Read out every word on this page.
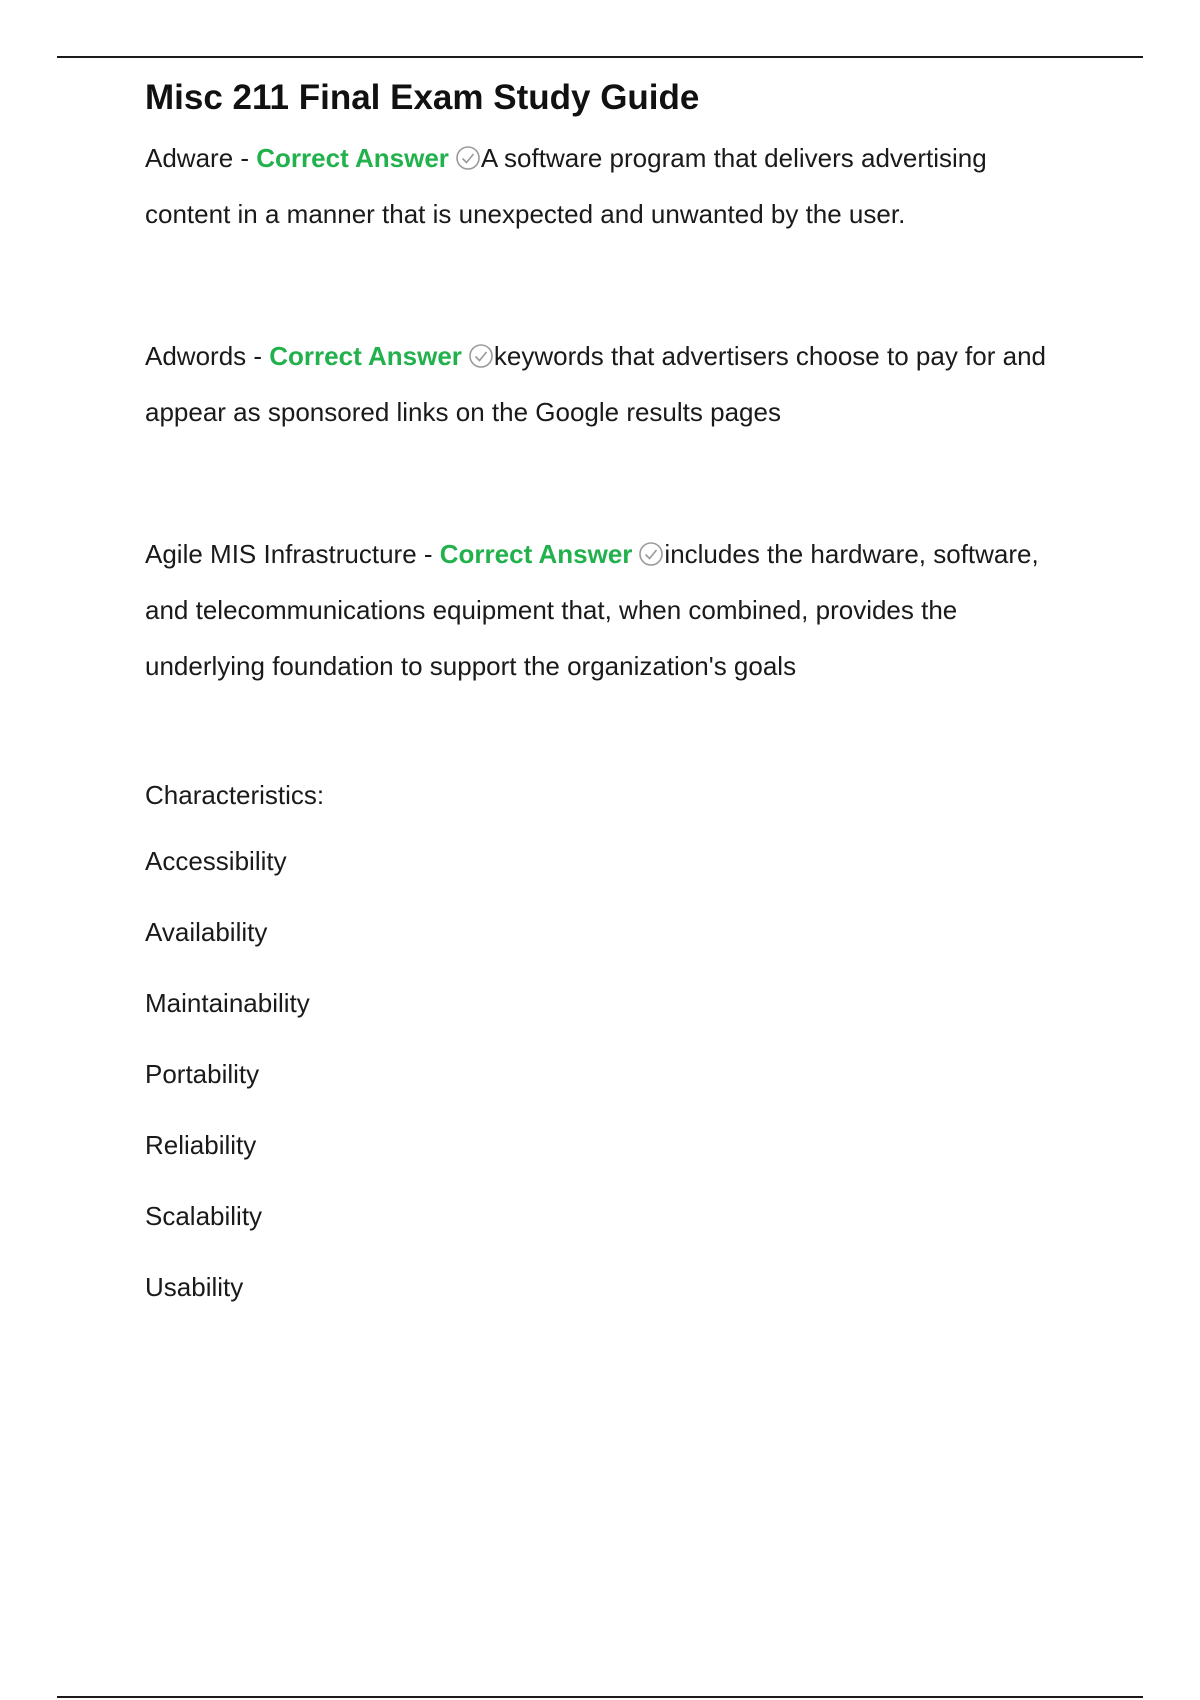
Misc 211 Final Exam Study Guide

Adware - Correct Answer A software program that delivers advertising content in a manner that is unexpected and unwanted by the user.

Adwords - Correct Answer keywords that advertisers choose to pay for and appear as sponsored links on the Google results pages

Agile MIS Infrastructure - Correct Answer includes the hardware, software, and telecommunications equipment that, when combined, provides the underlying foundation to support the organization's goals

Characteristics:
Accessibility
Availability
Maintainability
Portability
Reliability
Scalability
Usability
